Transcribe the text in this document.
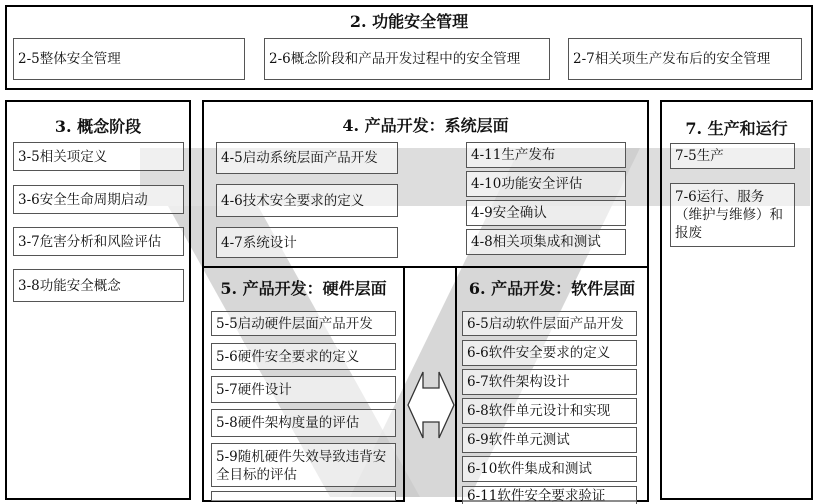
2. 功能安全管理
2-5整体安全管理	2-6概念阶段和产品开发过程中的安全管理	2-7相关项生产发布后的安全管理
3. 概念阶段
3-5相关项定义
3-6安全生命周期启动
3-7危害分析和风险评估
3-8功能安全概念
4. 产品开发：系统层面
4-5启动系统层面产品开发
4-6技术安全要求的定义
4-7系统设计
4-11生产发布
4-10功能安全评估
4-9安全确认
4-8相关项集成和测试
5. 产品开发：硬件层面
5-5启动硬件层面产品开发
5-6硬件安全要求的定义
5-7硬件设计
5-8硬件架构度量的评估
5-9随机硬件失效导致违背安全目标的评估
6. 产品开发：软件层面
6-5启动软件层面产品开发
6-6软件安全要求的定义
6-7软件架构设计
6-8软件单元设计和实现
6-9软件单元测试
6-10软件集成和测试
6-11软件安全要求验证
7. 生产和运行
7-5生产
7-6运行、服务（维护与维修）和报废
